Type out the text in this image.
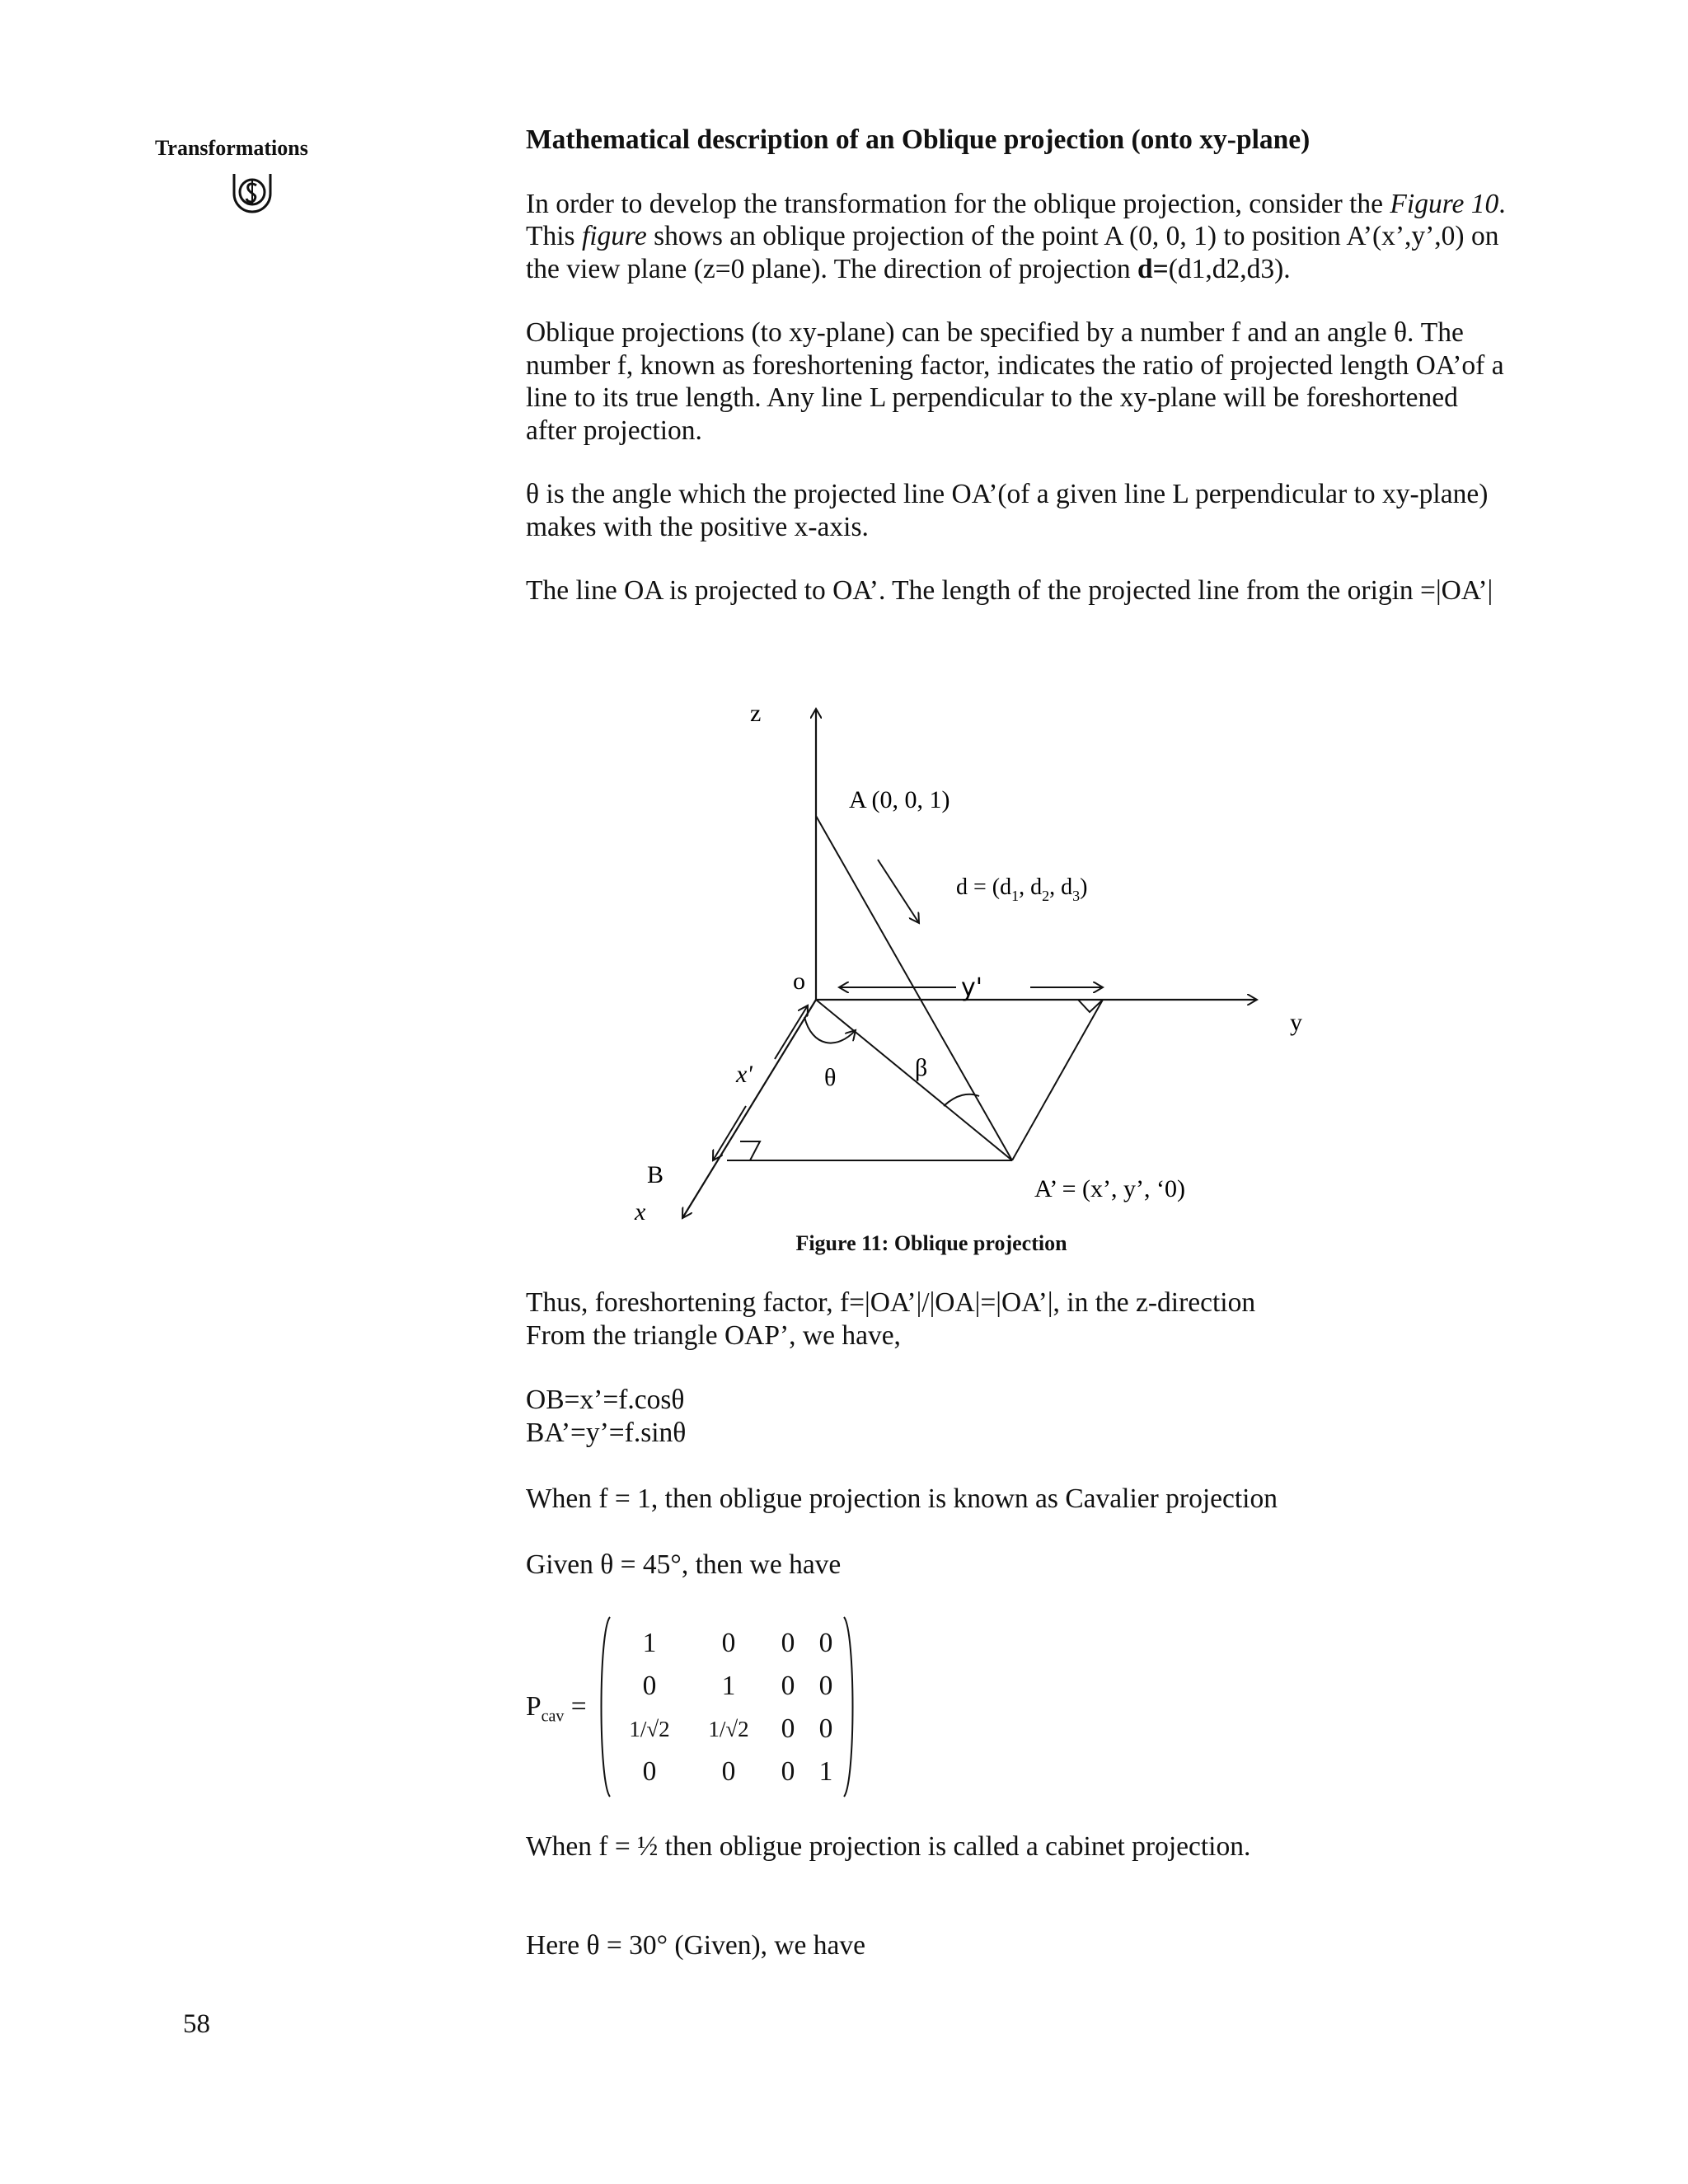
Transformations	Mathematical description of an Oblique projection (onto xy-plane)

In order to develop the transformation for the oblique projection, consider the Figure 10. This figure shows an oblique projection of the point A (0, 0, 1) to position A’(x’,y’,0) on the view plane (z=0 plane). The direction of projection d=(d1,d2,d3).

Oblique projections (to xy-plane) can be specified by a number f and an angle θ. The number f, known as foreshortening factor, indicates the ratio of projected length OA’of a line to its true length. Any line L perpendicular to the xy-plane will be foreshortened after projection.

θ is the angle which the projected line OA’(of a given line L perpendicular to xy-plane) makes with the positive x-axis.

The line OA is projected to OA’. The length of the projected line from the origin =|OA’|

z
y
x
o
A (0, 0, 1)
$d = (d_1$, $d_2$, $d_3$)
y'
x'	θ	β
B
A’ = (x’, y’, ‘0)
Figure 11: Oblique projection
Thus, foreshortening factor, f=|OA’|/|OA|=|OA’|, in the z-direction
From the triangle OAP’, we have,
OB=x’=f.cosθ
BA’=y’=f.sinθ
When f = 1, then obligue projection is known as Cavalier projection
Given θ = 45°, then we have
$P_{cav}$ =
1	0	0	0
0	1	0	0
1/√2	1/√2	0	0
0	0	0	1
When f = ½ then obligue projection is called a cabinet projection.
Here θ = 30° (Given), we have
58
